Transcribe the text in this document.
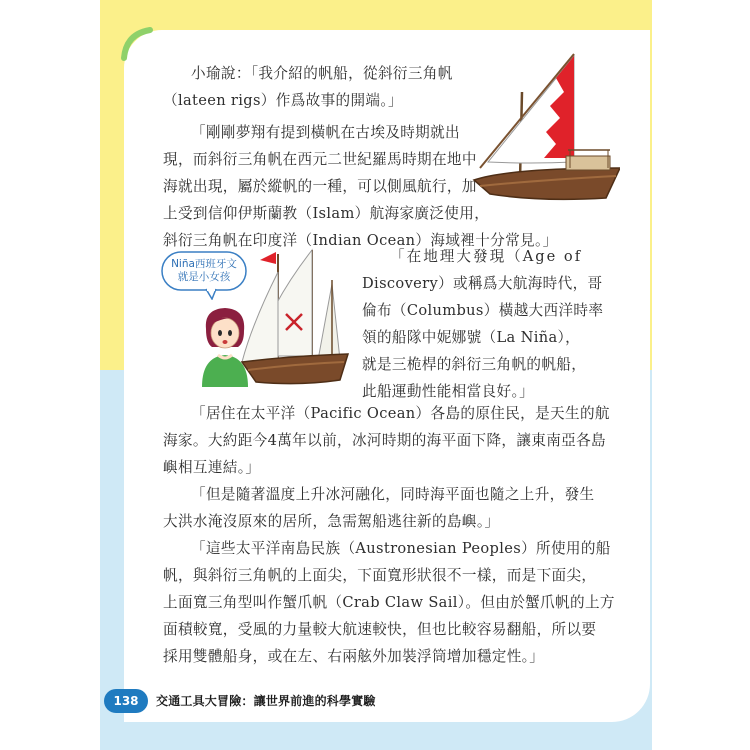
小瑜說：「我介紹的帆船，從斜衍三角帆
（lateen rigs）作爲故事的開端。」
「剛剛夢翔有提到橫帆在古埃及時期就出
現，而斜衍三角帆在西元二世紀羅馬時期在地中
海就出現，屬於縱帆的一種，可以側風航行，加
上受到信仰伊斯蘭教（Islam）航海家廣泛使用，
斜衍三角帆在印度洋（Indian Ocean）海域裡十分常見。」
Niña西班牙文
就是小女孩
「在地理大發現（Age of
Discovery）或稱爲大航海時代，哥
倫布（Columbus）橫越大西洋時率
領的船隊中妮娜號（La Niña），
就是三桅桿的斜衍三角帆的帆船，
此船運動性能相當良好。」
「居住在太平洋（Pacific Ocean）各島的原住民，是天生的航
海家。大約距今4萬年以前，冰河時期的海平面下降，讓東南亞各島
嶼相互連結。」
「但是隨著溫度上升冰河融化，同時海平面也隨之上升，發生
大洪水淹沒原來的居所，急需駕船逃往新的島嶼。」
「這些太平洋南島民族（Austronesian Peoples）所使用的船
帆，與斜衍三角帆的上面尖，下面寬形狀很不一樣，而是下面尖，
上面寬三角型叫作蟹爪帆（Crab Claw Sail）。但由於蟹爪帆的上方
面積較寬，受風的力量較大航速較快，但也比較容易翻船，所以要
採用雙體船身，或在左、右兩舷外加裝浮筒增加穩定性。」
138	交通工具大冒險：讓世界前進的科學實驗
